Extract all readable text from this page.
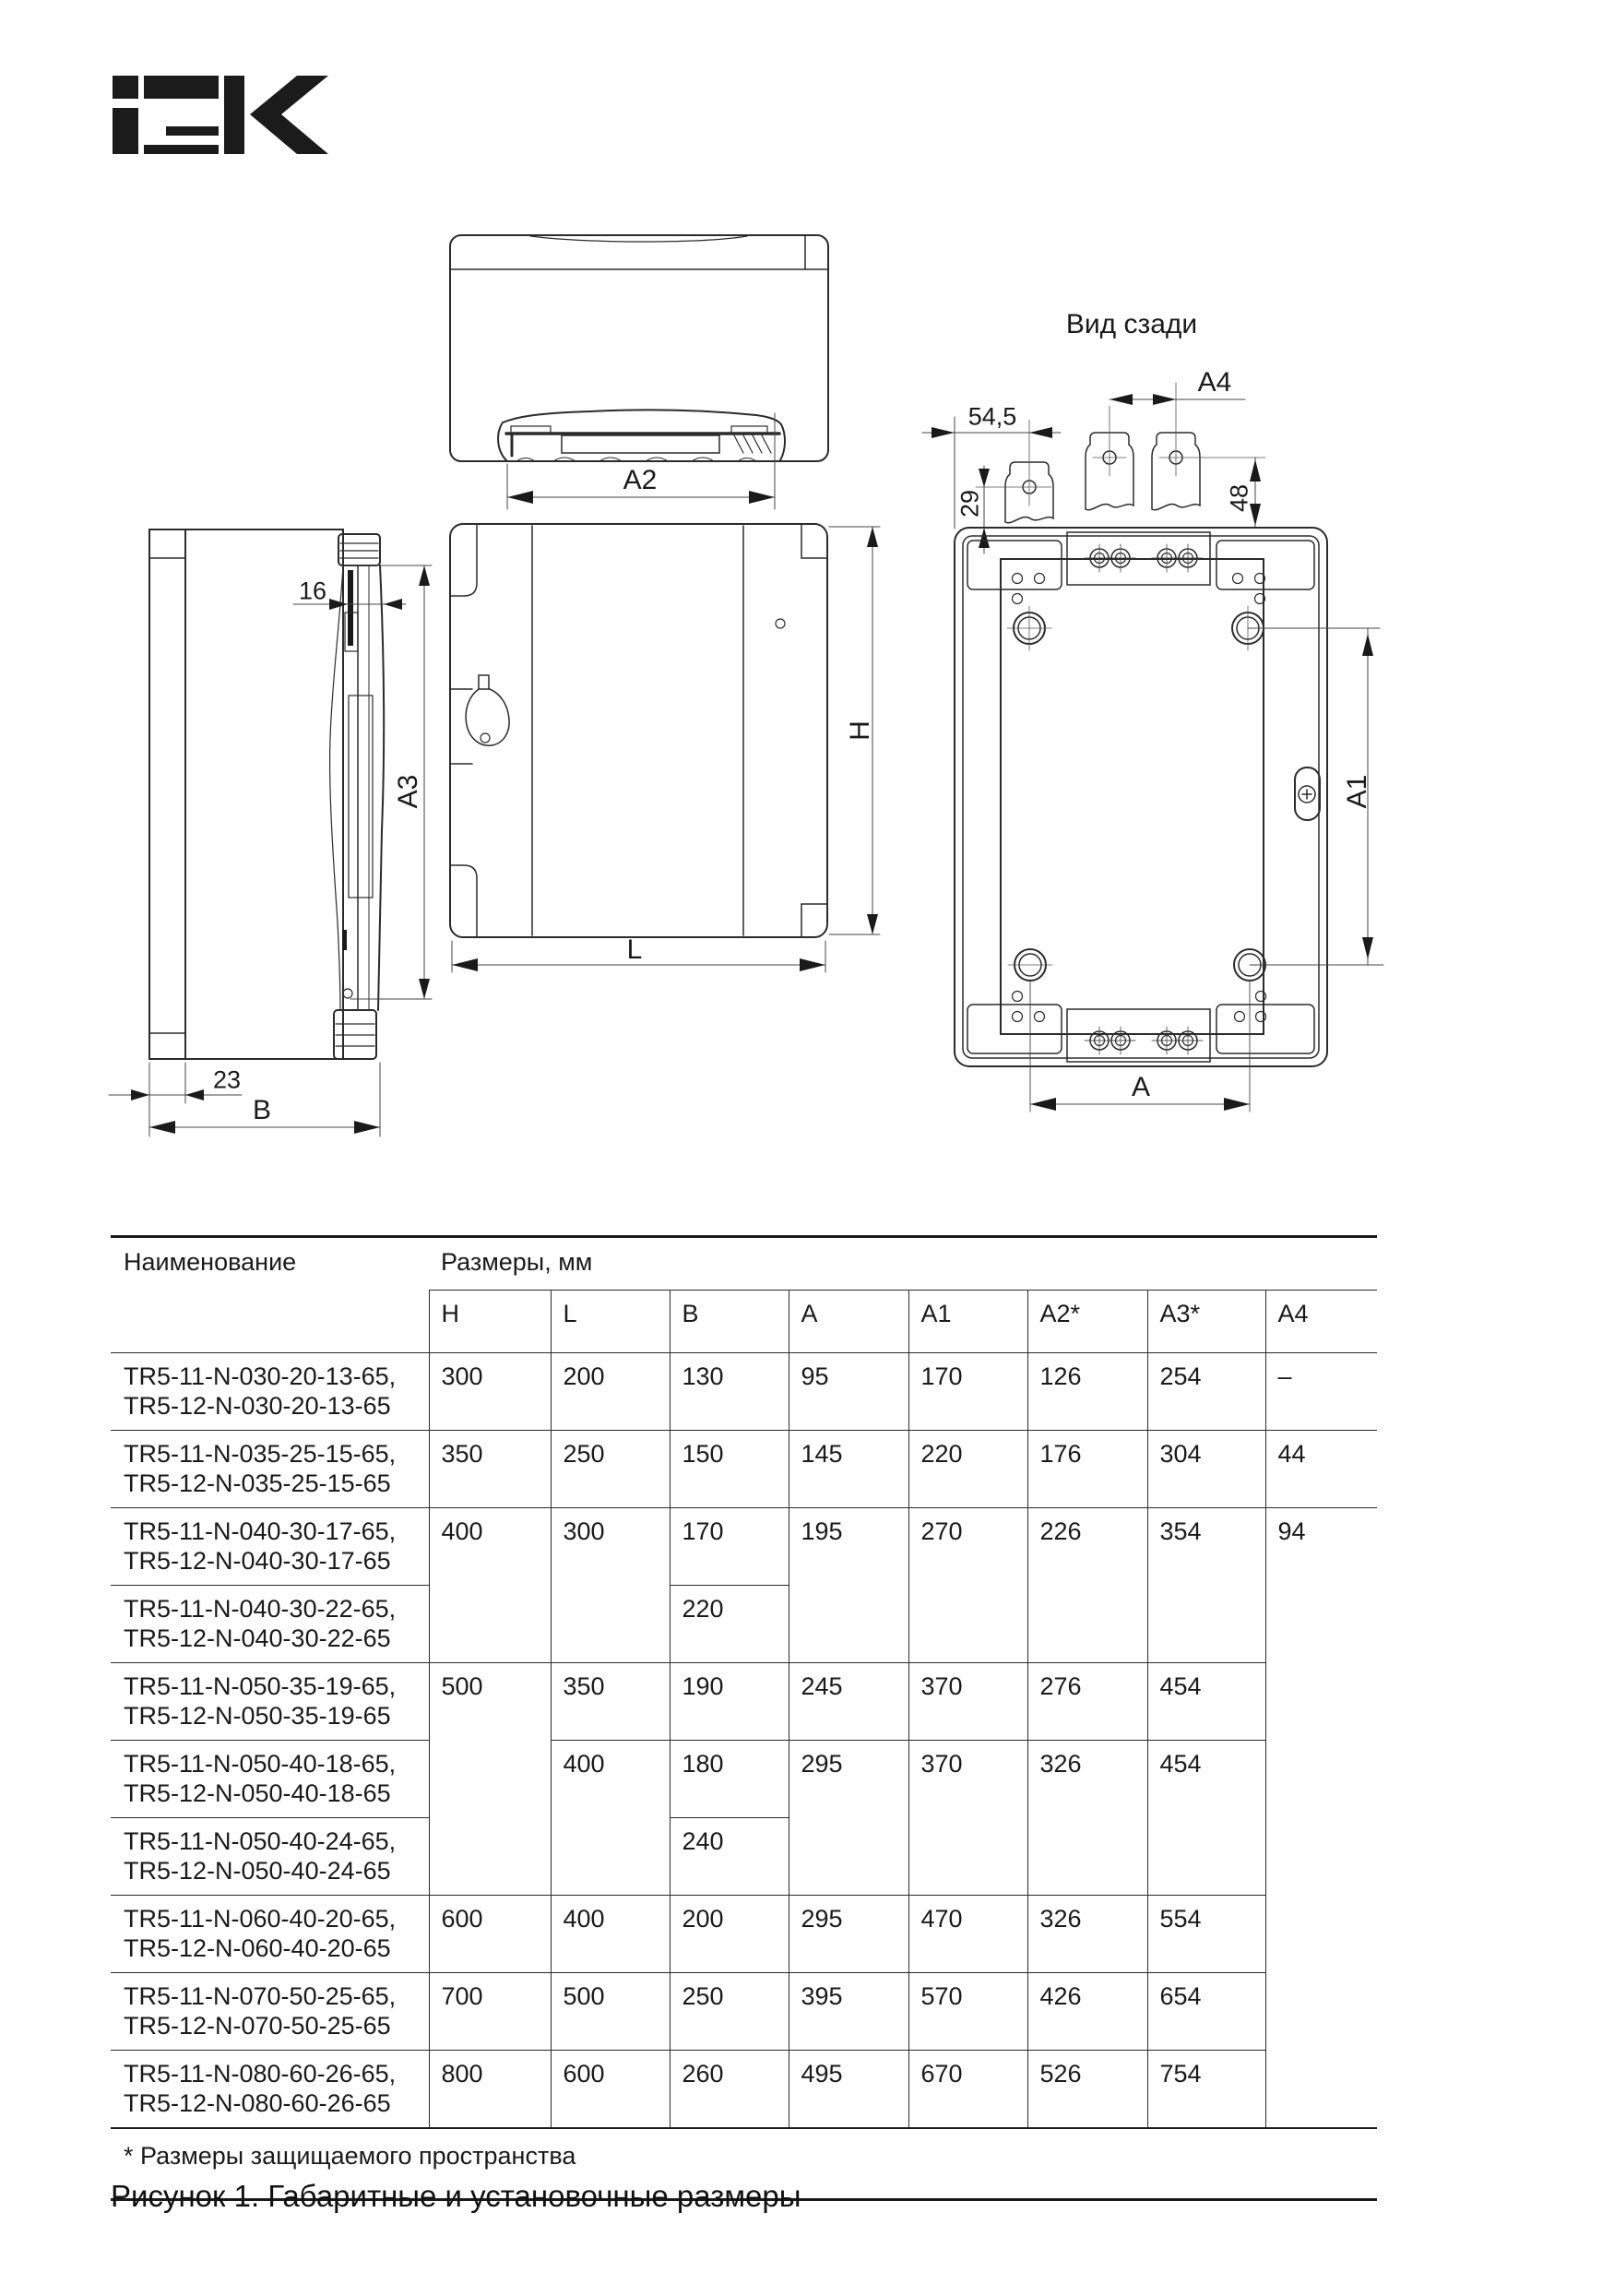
Вид сзади
A2
16
A3
23
B
H
L
54,5
29
A4
48
A1
A
Наименование	Размеры, мм							
	H	L	B	A	A1	A2*	A3*	A4

TR5-11-N-030-20-13-65,
TR5-12-N-030-20-13-65	300	200	130	95	170	126	254	–

TR5-11-N-035-25-15-65,
TR5-12-N-035-25-15-65	350	250	150	145	220	176	304	44

TR5-11-N-040-30-17-65,
TR5-12-N-040-30-17-65	400	300	170	195	270	226	354	94

TR5-11-N-040-30-22-65,
TR5-12-N-040-30-22-65			220					

TR5-11-N-050-35-19-65,
TR5-12-N-050-35-19-65	500	350	190	245	370	276	454	

TR5-11-N-050-40-18-65,
TR5-12-N-050-40-18-65		400	180	295	370	326	454	

TR5-11-N-050-40-24-65,
TR5-12-N-050-40-24-65			240					

TR5-11-N-060-40-20-65,
TR5-12-N-060-40-20-65	600	400	200	295	470	326	554	

TR5-11-N-070-50-25-65,
TR5-12-N-070-50-25-65	700	500	250	395	570	426	654	

TR5-11-N-080-60-26-65,
TR5-12-N-080-60-26-65	800	600	260	495	670	526	754	
* Размеры защищаемого пространства								
Рисунок 1. Габаритные и установочные размеры
